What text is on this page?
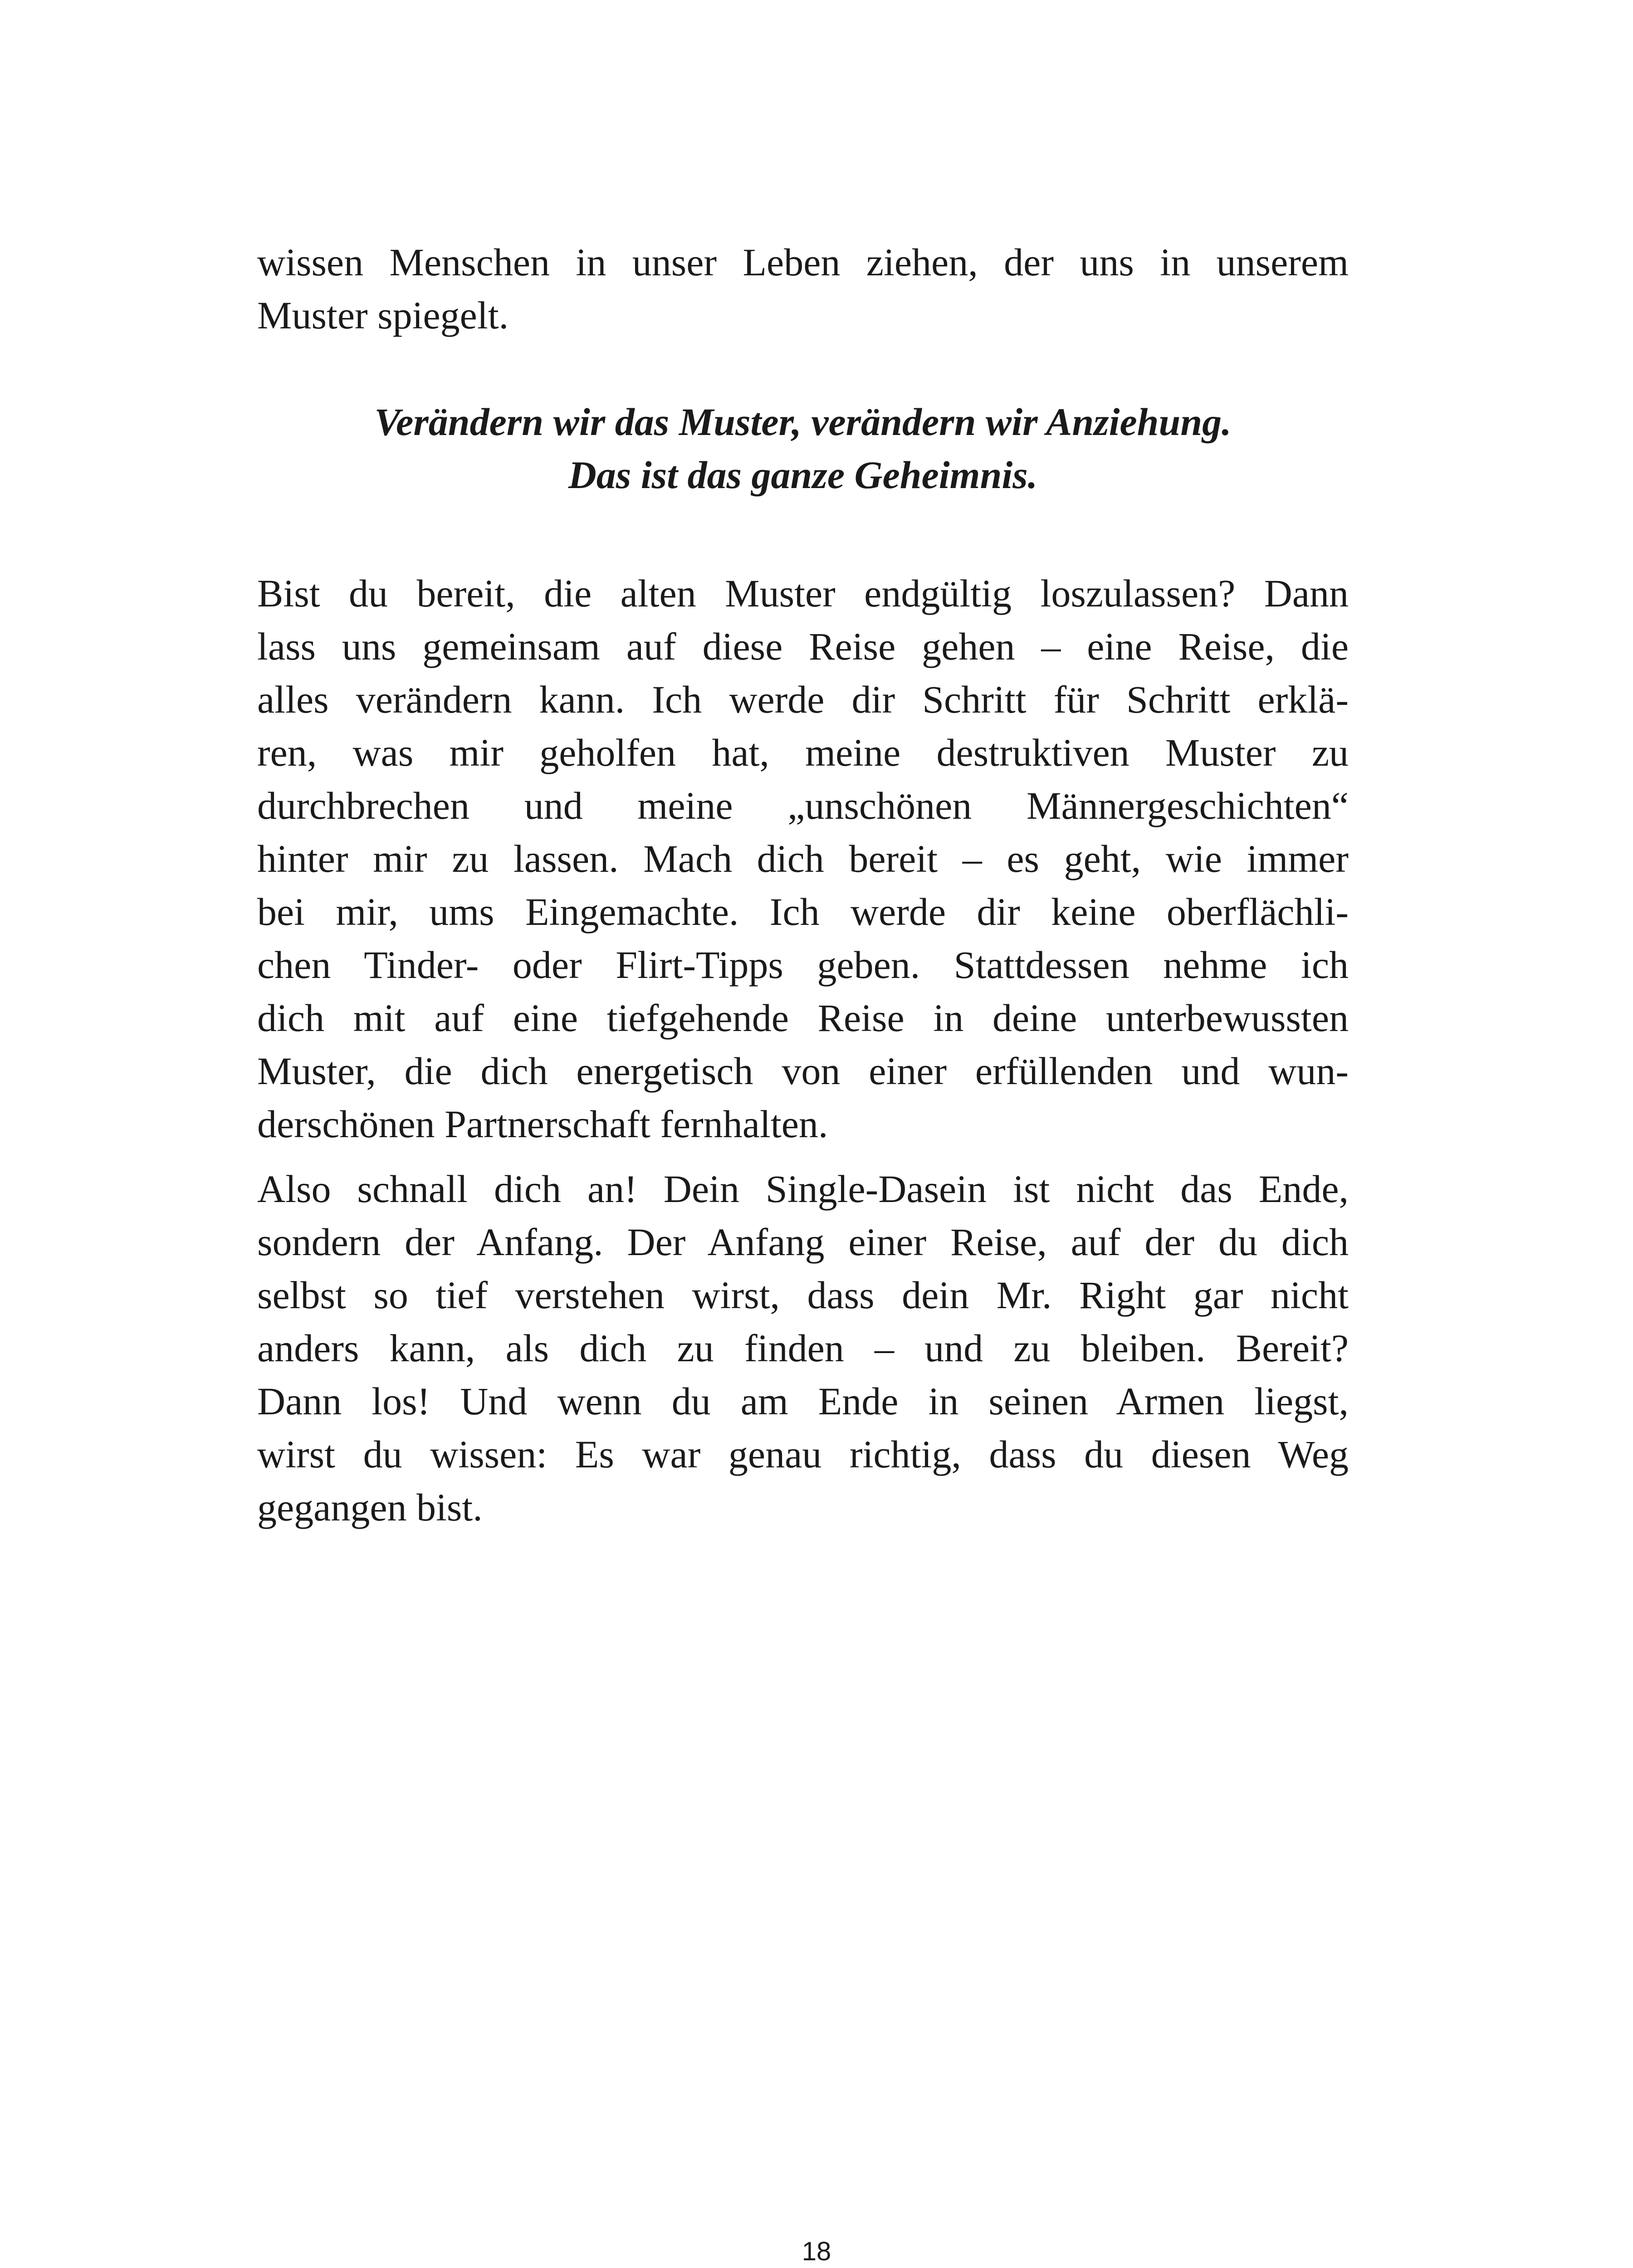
wissen Menschen in unser Leben ziehen, der uns in unserem
Muster spiegelt.
Verändern wir das Muster, verändern wir Anziehung.
Das ist das ganze Geheimnis.
Bist du bereit, die alten Muster endgültig loszulassen? Dann
lass uns gemeinsam auf diese Reise gehen – eine Reise, die
alles verändern kann. Ich werde dir Schritt für Schritt erklä-
ren, was mir geholfen hat, meine destruktiven Muster zu
durchbrechen und meine „unschönen Männergeschichten“
hinter mir zu lassen. Mach dich bereit – es geht, wie immer
bei mir, ums Eingemachte. Ich werde dir keine oberflächli-
chen Tinder- oder Flirt-Tipps geben. Stattdessen nehme ich
dich mit auf eine tiefgehende Reise in deine unterbewussten
Muster, die dich energetisch von einer erfüllenden und wun-
derschönen Partnerschaft fernhalten.
Also schnall dich an! Dein Single-Dasein ist nicht das Ende,
sondern der Anfang. Der Anfang einer Reise, auf der du dich
selbst so tief verstehen wirst, dass dein Mr. Right gar nicht
anders kann, als dich zu finden – und zu bleiben. Bereit?
Dann los! Und wenn du am Ende in seinen Armen liegst,
wirst du wissen: Es war genau richtig, dass du diesen Weg
gegangen bist.
18
